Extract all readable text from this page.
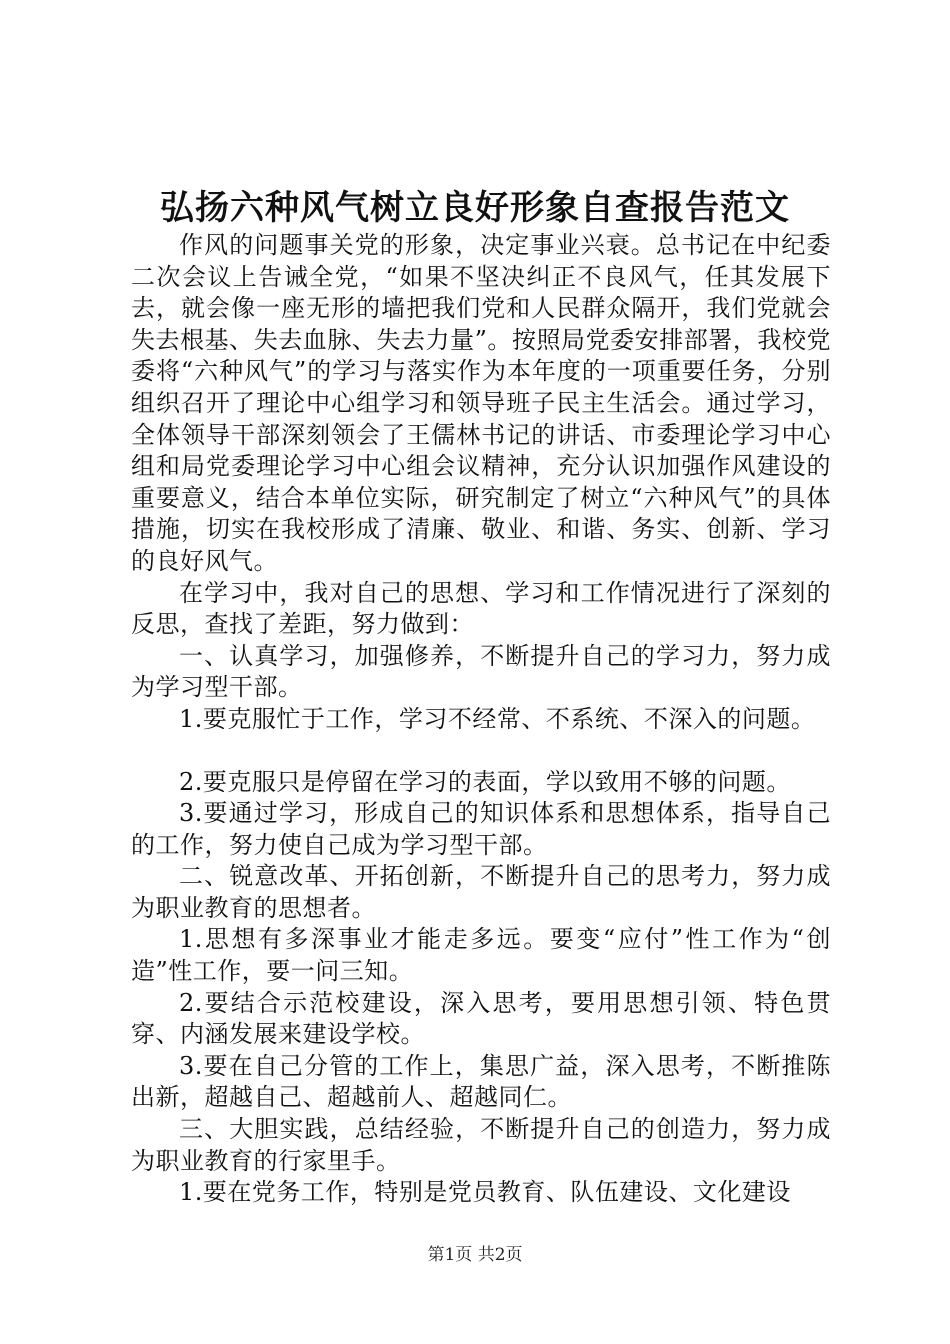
弘扬六种风气树立良好形象自查报告范文

作风的问题事关党的形象，决定事业兴衰。总书记在中纪委二次会议上告诫全党，“如果不坚决纠正不良风气，任其发展下去，就会像一座无形的墙把我们党和人民群众隔开，我们党就会失去根基、失去血脉、失去力量”。按照局党委安排部署，我校党委将“六种风气”的学习与落实作为本年度的一项重要任务，分别组织召开了理论中心组学习和领导班子民主生活会。通过学习，全体领导干部深刻领会了王儒林书记的讲话、市委理论学习中心组和局党委理论学习中心组会议精神，充分认识加强作风建设的重要意义，结合本单位实际，研究制定了树立“六种风气”的具体措施，切实在我校形成了清廉、敬业、和谐、务实、创新、学习的良好风气。

在学习中，我对自己的思想、学习和工作情况进行了深刻的反思，查找了差距，努力做到：

一、认真学习，加强修养，不断提升自己的学习力，努力成为学习型干部。

1.要克服忙于工作，学习不经常、不系统、不深入的问题。

2.要克服只是停留在学习的表面，学以致用不够的问题。

3.要通过学习，形成自己的知识体系和思想体系，指导自己的工作，努力使自己成为学习型干部。

二、锐意改革、开拓创新，不断提升自己的思考力，努力成为职业教育的思想者。

1.思想有多深事业才能走多远。要变“应付”性工作为“创造”性工作，要一问三知。

2.要结合示范校建设，深入思考，要用思想引领、特色贯穿、内涵发展来建设学校。

3.要在自己分管的工作上，集思广益，深入思考，不断推陈出新，超越自己、超越前人、超越同仁。

三、大胆实践，总结经验，不断提升自己的创造力，努力成为职业教育的行家里手。

1.要在党务工作，特别是党员教育、队伍建设、文化建设

第1页 共2页
